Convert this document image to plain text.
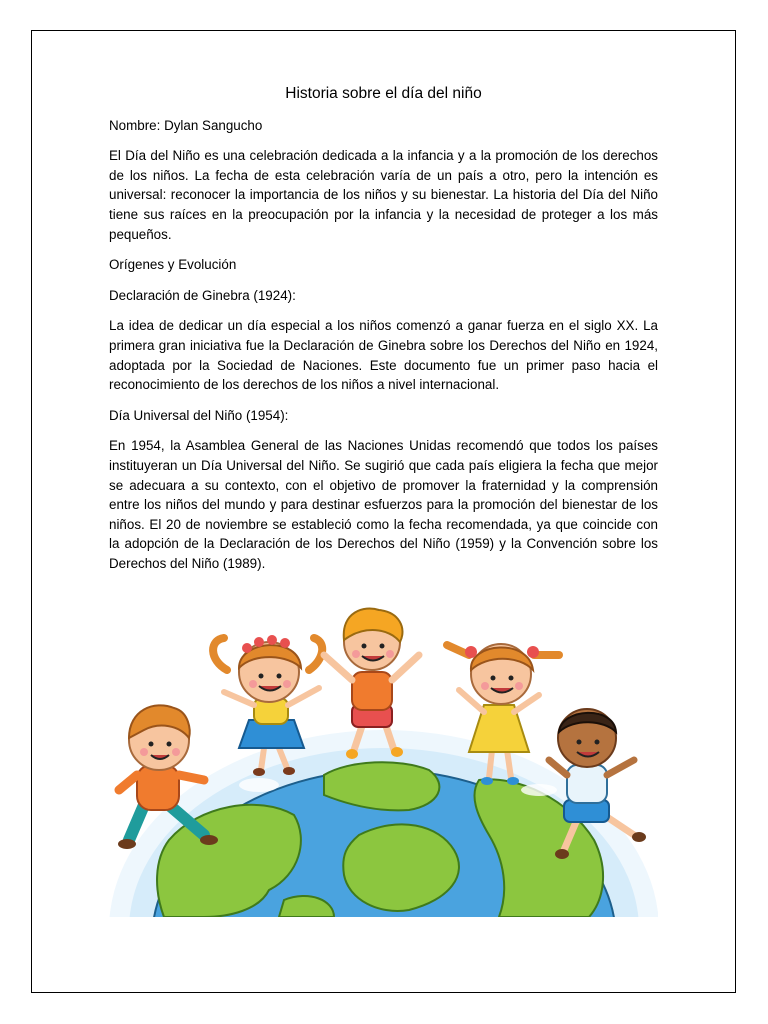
Historia sobre el día del niño

Nombre: Dylan Sangucho

El Día del Niño es una celebración dedicada a la infancia y a la promoción de los derechos de los niños. La fecha de esta celebración varía de un país a otro, pero la intención es universal: reconocer la importancia de los niños y su bienestar. La historia del Día del Niño tiene sus raíces en la preocupación por la infancia y la necesidad de proteger a los más pequeños.

Orígenes y Evolución

Declaración de Ginebra (1924):

La idea de dedicar un día especial a los niños comenzó a ganar fuerza en el siglo XX. La primera gran iniciativa fue la Declaración de Ginebra sobre los Derechos del Niño en 1924, adoptada por la Sociedad de Naciones. Este documento fue un primer paso hacia el reconocimiento de los derechos de los niños a nivel internacional.

Día Universal del Niño (1954):

En 1954, la Asamblea General de las Naciones Unidas recomendó que todos los países instituyeran un Día Universal del Niño. Se sugirió que cada país eligiera la fecha que mejor se adecuara a su contexto, con el objetivo de promover la fraternidad y la comprensión entre los niños del mundo y para destinar esfuerzos para la promoción del bienestar de los niños. El 20 de noviembre se estableció como la fecha recomendada, ya que coincide con la adopción de la Declaración de los Derechos del Niño (1959) y la Convención sobre los Derechos del Niño (1989).
